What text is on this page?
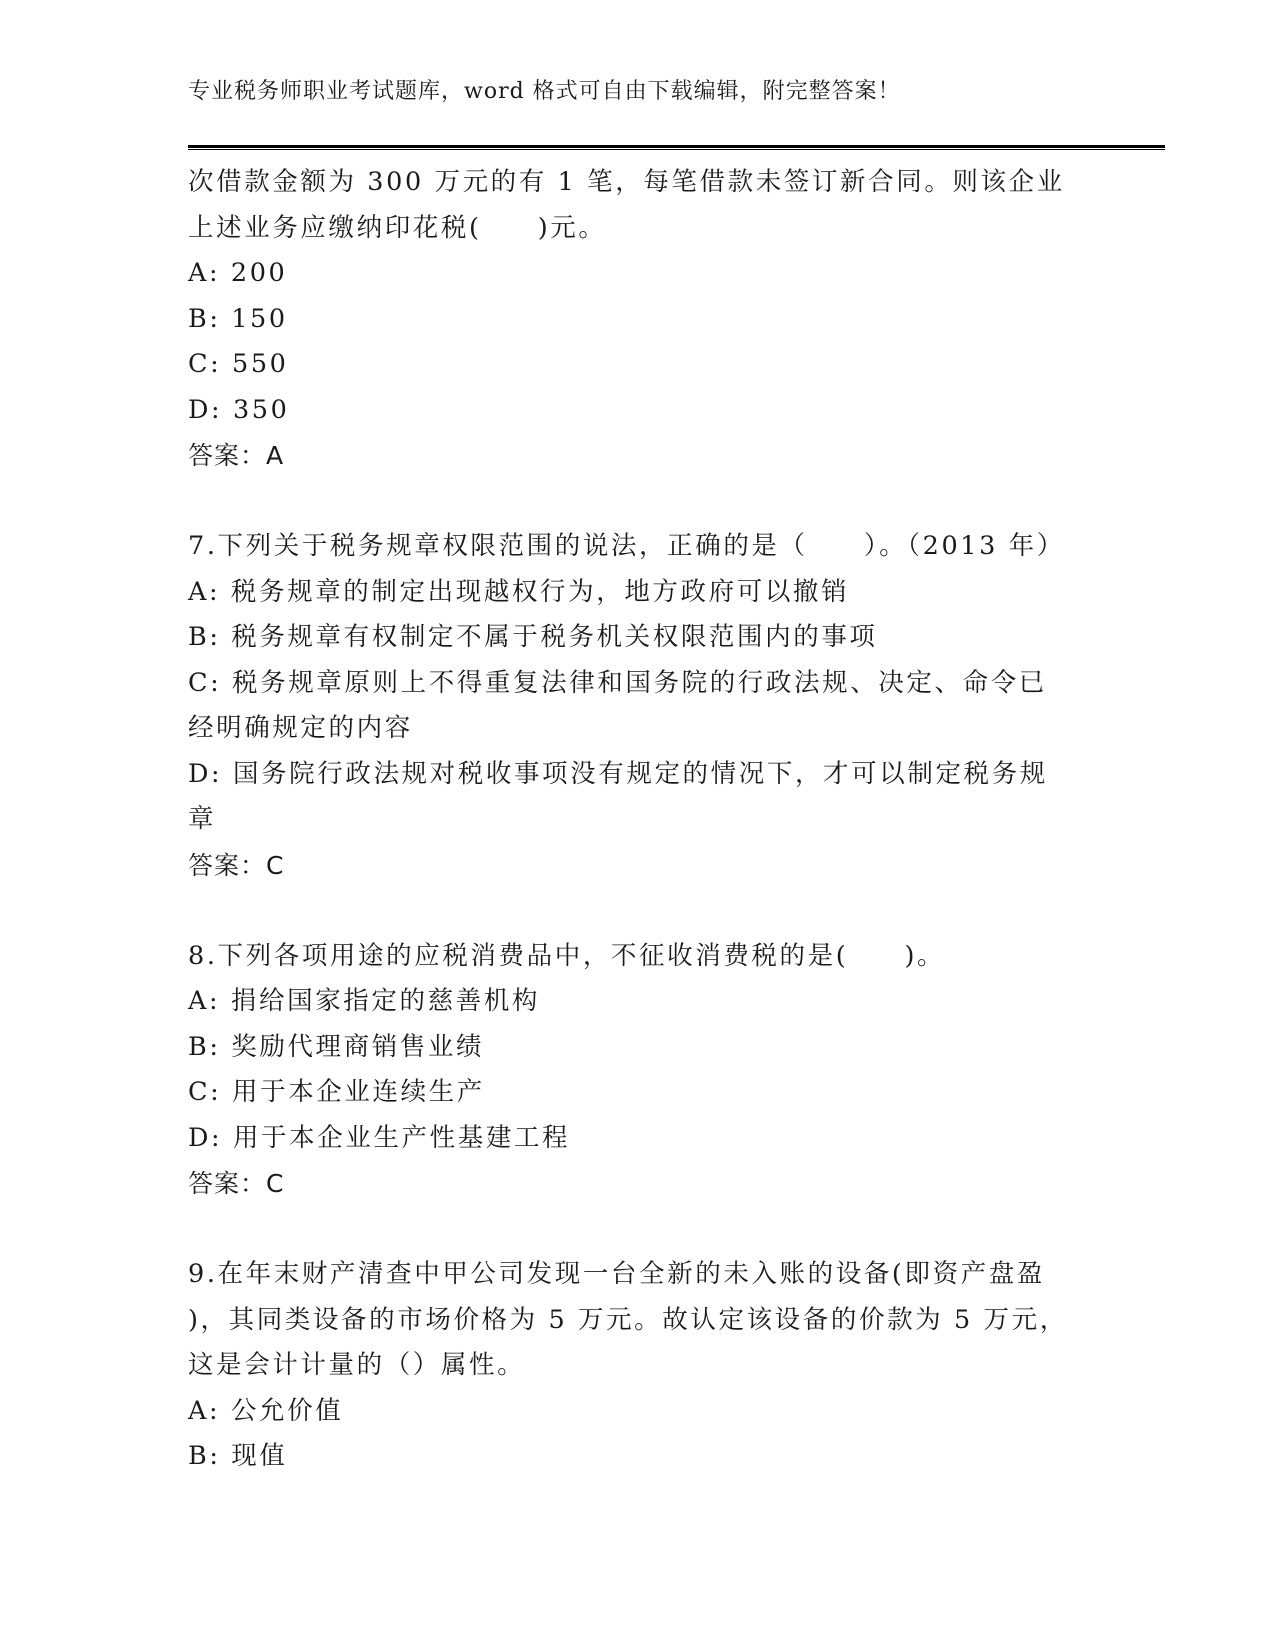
专业税务师职业考试题库，word 格式可自由下载编辑，附完整答案！
次借款金额为 300 万元的有 1 笔，每笔借款未签订新合同。则该企业
上述业务应缴纳印花税(　　)元。
A: 200
B: 150
C: 550
D: 350
答案：A
7.下列关于税务规章权限范围的说法，正确的是（　　）。（2013 年）
A: 税务规章的制定出现越权行为，地方政府可以撤销
B: 税务规章有权制定不属于税务机关权限范围内的事项
C: 税务规章原则上不得重复法律和国务院的行政法规、决定、命令已
经明确规定的内容
D: 国务院行政法规对税收事项没有规定的情况下，才可以制定税务规
章
答案：C
8.下列各项用途的应税消费品中，不征收消费税的是(　　)。
A: 捐给国家指定的慈善机构
B: 奖励代理商销售业绩
C: 用于本企业连续生产
D: 用于本企业生产性基建工程
答案：C
9.在年末财产清查中甲公司发现一台全新的未入账的设备(即资产盘盈
)，其同类设备的市场价格为 5 万元。故认定该设备的价款为 5 万元，
这是会计计量的（）属性。
A: 公允价值
B: 现值
